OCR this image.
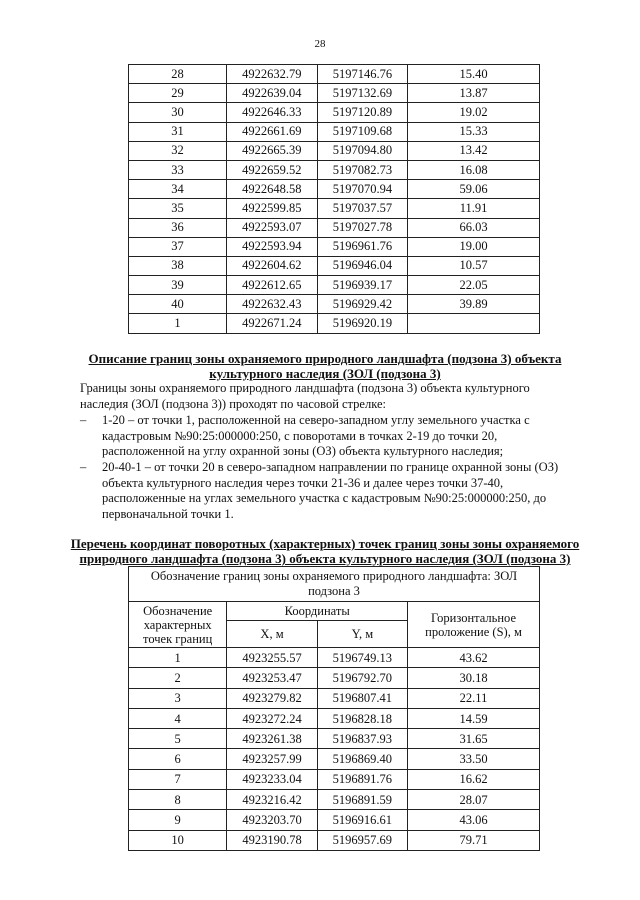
28
28	4922632.79	5197146.76	15.40
29	4922639.04	5197132.69	13.87
30	4922646.33	5197120.89	19.02
31	4922661.69	5197109.68	15.33
32	4922665.39	5197094.80	13.42
33	4922659.52	5197082.73	16.08
34	4922648.58	5197070.94	59.06
35	4922599.85	5197037.57	11.91
36	4922593.07	5197027.78	66.03
37	4922593.94	5196961.76	19.00
38	4922604.62	5196946.04	10.57
39	4922612.65	5196939.17	22.05
40	4922632.43	5196929.42	39.89
1	4922671.24	5196920.19	
Описание границ зоны охраняемого природного ландшафта (подзона 3) объекта
культурного наследия (ЗОЛ (подзона 3)
Границы зоны охраняемого природного ландшафта (подзона 3) объекта культурного наследия (ЗОЛ (подзона 3)) проходят по часовой стрелке:
– 1-20 – от точки 1, расположенной на северо-западном углу земельного участка с кадастровым №90:25:000000:250, с поворотами в точках 2-19 до точки 20, расположенной на углу охранной зоны (ОЗ) объекта культурного наследия;
– 20-40-1 – от точки 20 в северо-западном направлении по границе охранной зоны (ОЗ) объекта культурного наследия через точки 21-36 и далее через точки 37-40, расположенные на углах земельного участка с кадастровым №90:25:000000:250, до первоначальной точки 1.
Перечень координат поворотных (характерных) точек границ зоны зоны охраняемого
природного ландшафта (подзона 3) объекта культурного наследия (ЗОЛ (подзона 3)
Обозначение границ зоны охраняемого природного ландшафта: ЗОЛ подзона 3			
Обозначение характерных точек границ	Координаты		Горизонтальное проложение (S), м
	X, м	Y, м	
1	4923255.57	5196749.13	43.62
2	4923253.47	5196792.70	30.18
3	4923279.82	5196807.41	22.11
4	4923272.24	5196828.18	14.59
5	4923261.38	5196837.93	31.65
6	4923257.99	5196869.40	33.50
7	4923233.04	5196891.76	16.62
8	4923216.42	5196891.59	28.07
9	4923203.70	5196916.61	43.06
10	4923190.78	5196957.69	79.71
